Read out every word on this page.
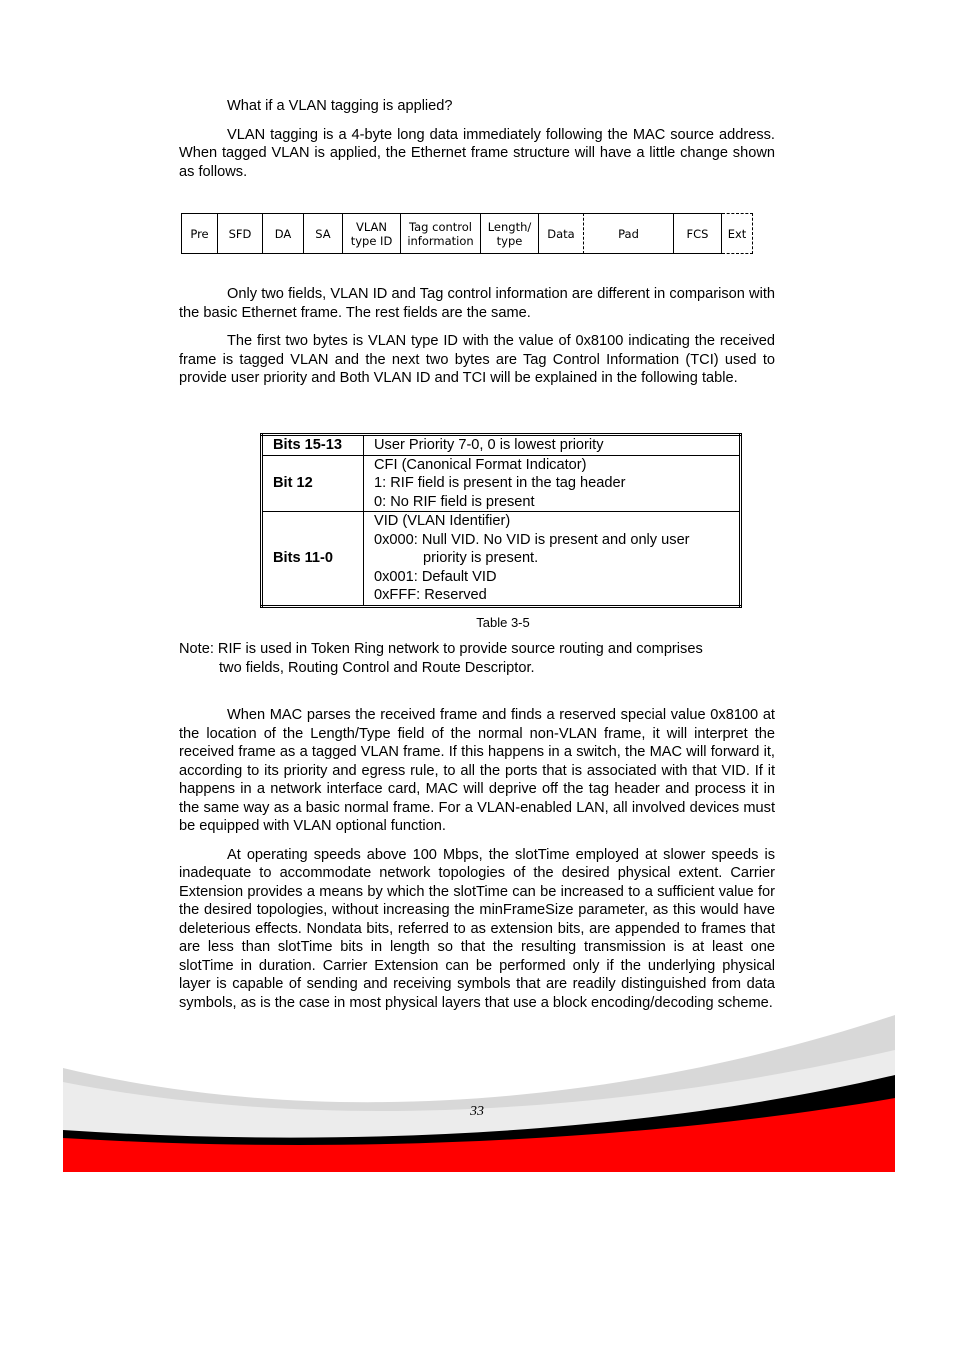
What if a VLAN tagging is applied?

VLAN tagging is a 4-byte long data immediately following the MAC source address. When tagged VLAN is applied, the Ethernet frame structure will have a little change shown as follows.

Pre SFD DA SA	VLAN
type ID
Tag control
information
Length/
type	Data	Pad	FCS Ext

Only two fields, VLAN ID and Tag control information are different in comparison with the basic Ethernet frame. The rest fields are the same.

The first two bytes is VLAN type ID with the value of 0x8100 indicating the received frame is tagged VLAN and the next two bytes are Tag Control Information (TCI) used to provide user priority and Both VLAN ID and TCI will be explained in the following table.

Bits 15-13	User Priority 7-0, 0 is lowest priority

Bit 12	CFI (Canonical Format Indicator)
1: RIF field is present in the tag header
0: No RIF field is present

Bits 11-0	VID (VLAN Identifier)
0x000: Null VID. No VID is present and only user
priority is present.
0x001: Default VID
0xFFF: Reserved
Table 3-5
Note: RIF is used in Token Ring network to provide source routing and comprises
two fields, Routing Control and Route Descriptor.

When MAC parses the received frame and finds a reserved special value 0x8100 at the location of the Length/Type field of the normal non-VLAN frame, it will interpret the received frame as a tagged VLAN frame. If this happens in a switch, the MAC will forward it, according to its priority and egress rule, to all the ports that is associated with that VID. If it happens in a network interface card, MAC will deprive off the tag header and process it in the same way as a basic normal frame. For a VLAN-enabled LAN, all involved devices must be equipped with VLAN optional function.

At operating speeds above 100 Mbps, the slotTime employed at slower speeds is inadequate to accommodate network topologies of the desired physical extent. Carrier Extension provides a means by which the slotTime can be increased to a sufficient value for the desired topologies, without increasing the minFrameSize parameter, as this would have deleterious effects. Nondata bits, referred to as extension bits, are appended to frames that are less than slotTime bits in length so that the resulting transmission is at least one slotTime in duration. Carrier Extension can be performed only if the underlying physical layer is capable of sending and receiving symbols that are readily distinguished from data symbols, as is the case in most physical layers that use a block encoding/decoding scheme.

33
